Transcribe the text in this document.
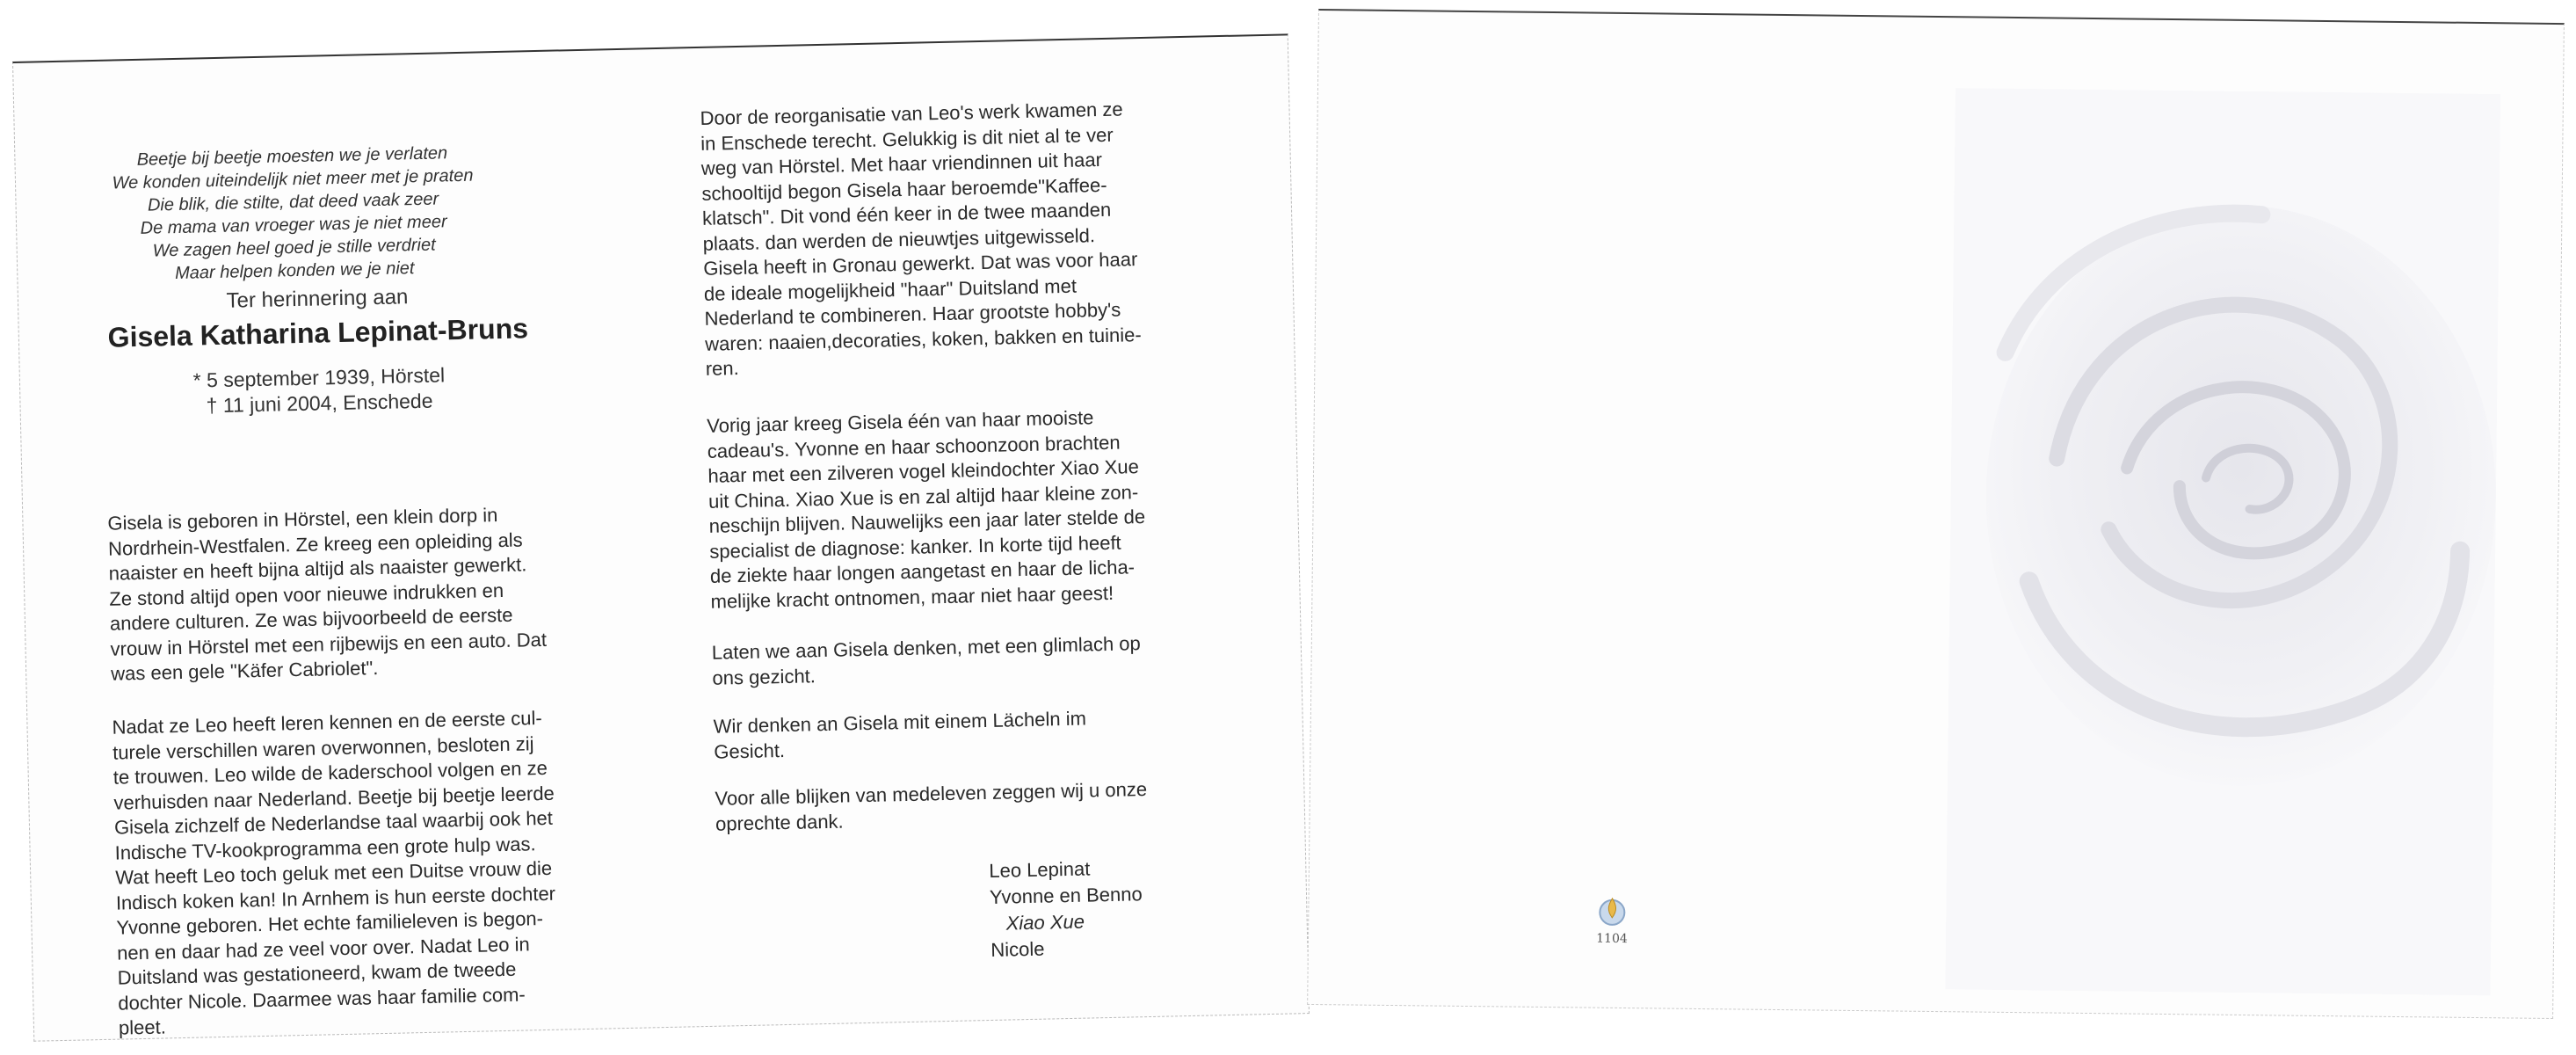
Beetje bij beetje moesten we je verlaten
We konden uiteindelijk niet meer met je praten
Die blik, die stilte, dat deed vaak zeer
De mama van vroeger was je niet meer
We zagen heel goed je stille verdriet
Maar helpen konden we je niet
Ter herinnering aan
Gisela Katharina Lepinat-Bruns
* 5 september 1939, Hörstel
† 11 juni 2004, Enschede
Gisela is geboren in Hörstel, een klein dorp in
Nordrhein-Westfalen. Ze kreeg een opleiding als
naaister en heeft bijna altijd als naaister gewerkt.
Ze stond altijd open voor nieuwe indrukken en
andere culturen. Ze was bijvoorbeeld de eerste
vrouw in Hörstel met een rijbewijs en een auto. Dat
was een gele "Käfer Cabriolet".
Nadat ze Leo heeft leren kennen en de eerste cul-
turele verschillen waren overwonnen, besloten zij
te trouwen. Leo wilde de kaderschool volgen en ze
verhuisden naar Nederland. Beetje bij beetje leerde
Gisela zichzelf de Nederlandse taal waarbij ook het
Indische TV-kookprogramma een grote hulp was.
Wat heeft Leo toch geluk met een Duitse vrouw die
Indisch koken kan! In Arnhem is hun eerste dochter
Yvonne geboren. Het echte familieleven is begon-
nen en daar had ze veel voor over. Nadat Leo in
Duitsland was gestationeerd, kwam de tweede
dochter Nicole. Daarmee was haar familie com-
pleet.
Door de reorganisatie van Leo's werk kwamen ze
in Enschede terecht. Gelukkig is dit niet al te ver
weg van Hörstel. Met haar vriendinnen uit haar
schooltijd begon Gisela haar beroemde"Kaffee-
klatsch". Dit vond één keer in de twee maanden
plaats. dan werden de nieuwtjes uitgewisseld.
Gisela heeft in Gronau gewerkt. Dat was voor haar
de ideale mogelijkheid "haar" Duitsland met
Nederland te combineren. Haar grootste hobby's
waren: naaien,decoraties, koken, bakken en tuinie-
ren.
Vorig jaar kreeg Gisela één van haar mooiste
cadeau's. Yvonne en haar schoonzoon brachten
haar met een zilveren vogel kleindochter Xiao Xue
uit China. Xiao Xue is en zal altijd haar kleine zon-
neschijn blijven. Nauwelijks een jaar later stelde de
specialist de diagnose: kanker. In korte tijd heeft
de ziekte haar longen aangetast en haar de licha-
melijke kracht ontnomen, maar niet haar geest!
Laten we aan Gisela denken, met een glimlach op
ons gezicht.
Wir denken an Gisela mit einem Lächeln im
Gesicht.
Voor alle blijken van medeleven zeggen wij u onze
oprechte dank.
Leo Lepinat
Yvonne en Benno
Xiao Xue
Nicole	1104
